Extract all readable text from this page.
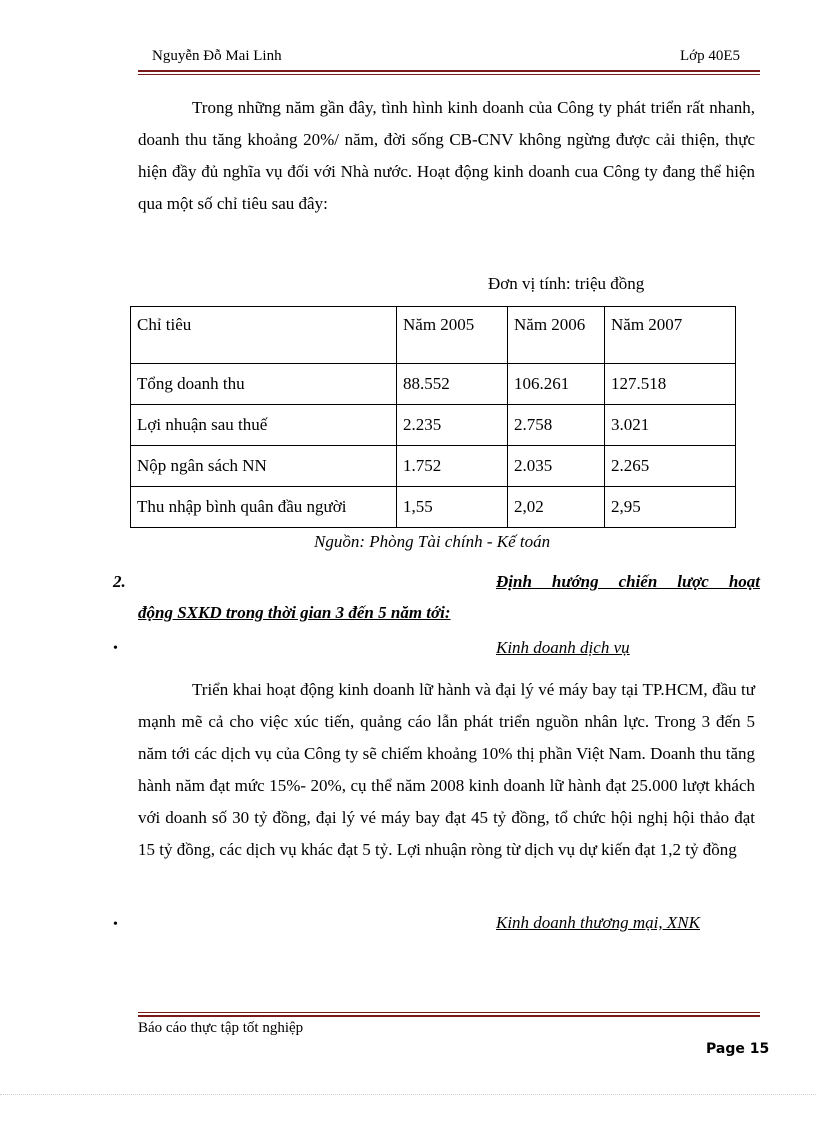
Nguyễn Đỗ Mai Linh	Lớp 40E5
Trong những năm gần đây, tình hình kinh doanh của Công ty phát triển rất nhanh, doanh thu tăng khoảng 20%/ năm, đời sống CB-CNV không ngừng được cải thiện, thực hiện đầy đủ nghĩa vụ đối với Nhà nước. Hoạt động kinh doanh cua Công ty đang thể hiện qua một số chỉ tiêu sau đây:
Đơn vị tính: triệu đồng
Chỉ tiêu	Năm 2005	Năm 2006	Năm 2007
Tổng doanh thu	88.552	106.261	127.518
Lợi nhuận sau thuế	2.235	2.758	3.021
Nộp ngân sách NN	1.752	2.035	2.265
Thu nhập bình quân đầu người	1,55	2,02	2,95
Nguồn: Phòng Tài chính - Kế toán
2.	Định hướng chiến lược hoạt
động SXKD trong thời gian 3 đến 5 năm tới:
•	Kinh doanh dịch vụ
Triển khai hoạt động kinh doanh lữ hành và đại lý vé máy bay tại TP.HCM, đầu tư mạnh mẽ cả cho việc xúc tiến, quảng cáo lẫn phát triển nguồn nhân lực. Trong 3 đến 5 năm tới các dịch vụ của Công ty sẽ chiếm khoảng 10% thị phần Việt Nam. Doanh thu tăng hành năm đạt mức 15%- 20%, cụ thể năm 2008 kinh doanh lữ hành đạt 25.000 lượt khách với doanh số 30 tỷ đồng, đại lý vé máy bay đạt 45 tỷ đồng, tổ chức hội nghị hội thảo đạt 15 tỷ đồng, các dịch vụ khác đạt 5 tỷ. Lợi nhuận ròng từ dịch vụ dự kiến đạt 1,2 tỷ đồng
•	Kinh doanh thương mại, XNK
Báo cáo thực tập tốt nghiệp
Page 15
